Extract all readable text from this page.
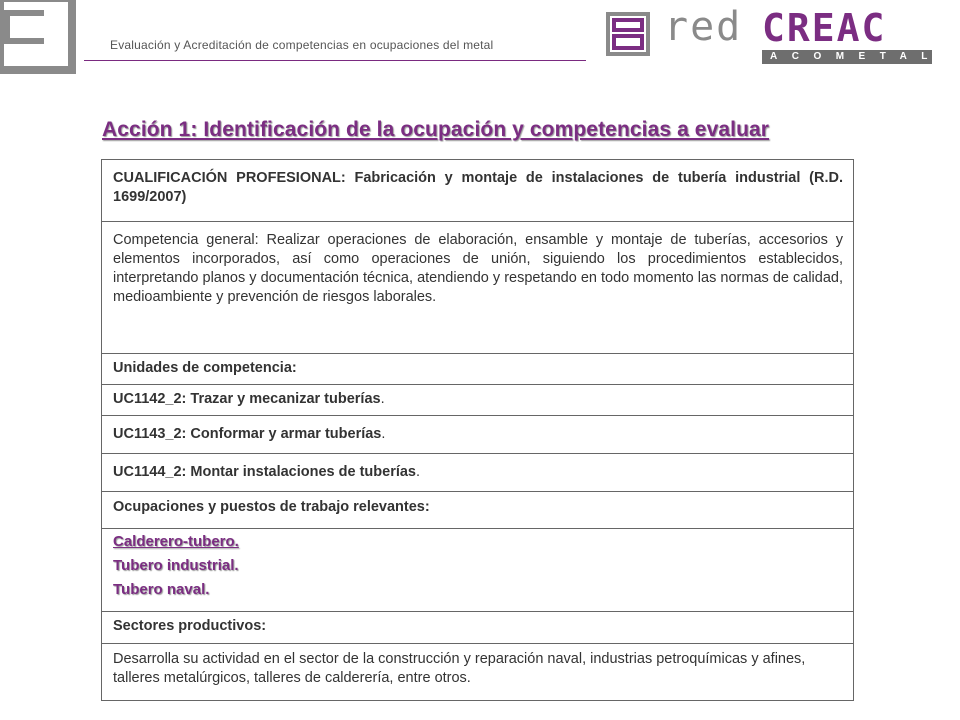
Evaluación y Acreditación de competencias en ocupaciones del metal	red CREAC
ACOMETAL
Acción 1: Identificación de la ocupación y competencias a evaluar
CUALIFICACIÓN PROFESIONAL: Fabricación y montaje de instalaciones de tubería industrial (R.D. 1699/2007)
Competencia general: Realizar operaciones de elaboración, ensamble y montaje de tuberías, accesorios y elementos incorporados, así como operaciones de unión, siguiendo los procedimientos establecidos, interpretando planos y documentación técnica, atendiendo y respetando en todo momento las normas de calidad, medioambiente y prevención de riesgos laborales.
Unidades de competencia:
UC1142_2: Trazar y mecanizar tuberías.
UC1143_2: Conformar y armar tuberías.
UC1144_2: Montar instalaciones de tuberías.
Ocupaciones y puestos de trabajo relevantes:
Calderero-tubero.
Tubero industrial.
Tubero naval.
Sectores productivos:
Desarrolla su actividad en el sector de la construcción y reparación naval, industrias petroquímicas y afines, talleres metalúrgicos, talleres de calderería, entre otros.
